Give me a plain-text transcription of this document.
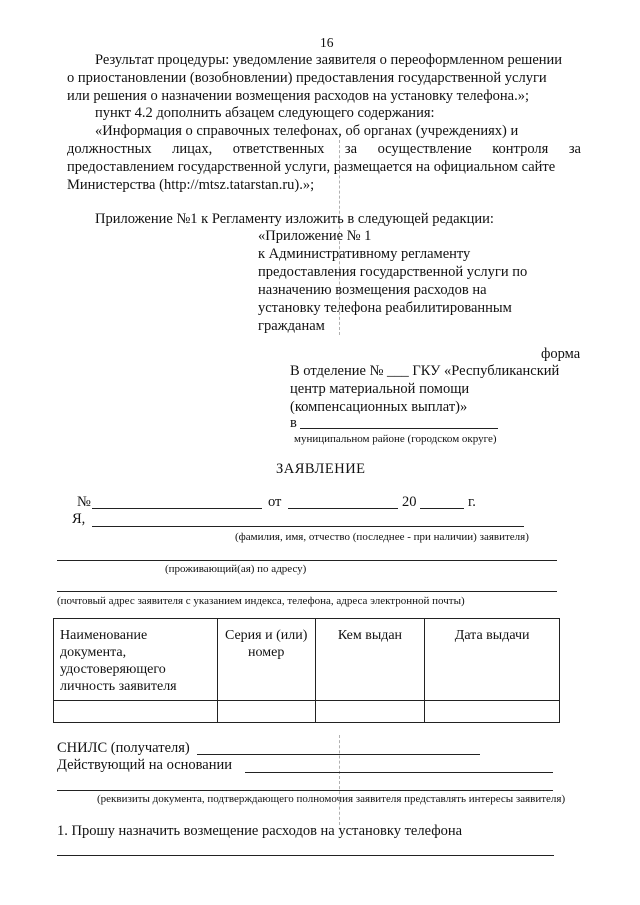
16
Результат процедуры: уведомление заявителя о переоформленном решении
о приостановлении (возобновлении) предоставления государственной услуги
или решения о назначении возмещения расходов на установку телефона.»;
пункт 4.2 дополнить абзацем следующего содержания:
«Информация о справочных телефонах, об органах (учреждениях) и
должностных лицах, ответственных за осуществление контроля за
предоставлением государственной услуги, размещается на официальном сайте
Министерства (http://mtsz.tatarstan.ru).»;
Приложение №1 к Регламенту изложить в следующей редакции:
«Приложение № 1
к Административному регламенту
предоставления государственной услуги по
назначению возмещения расходов на
установку телефона реабилитированным
гражданам
форма
В отделение № ___ ГКУ «Республиканский
центр материальной помощи
(компенсационных выплат)»
в
муниципальном районе (городском округе)
ЗАЯВЛЕНИЕ
№	от	20	г.
Я,
(фамилия, имя, отчество (последнее - при наличии) заявителя)
(проживающий(ая) по адресу)
(почтовый адрес заявителя с указанием индекса, телефона, адреса электронной почты)
Наименование документа, удостоверяющего личность заявителя	Серия и (или) номер	Кем выдан	Дата выдачи

СНИЛС (получателя)
Действующий на основании
(реквизиты документа, подтверждающего полномочия заявителя представлять интересы заявителя)
1. Прошу назначить возмещение расходов на установку телефона
